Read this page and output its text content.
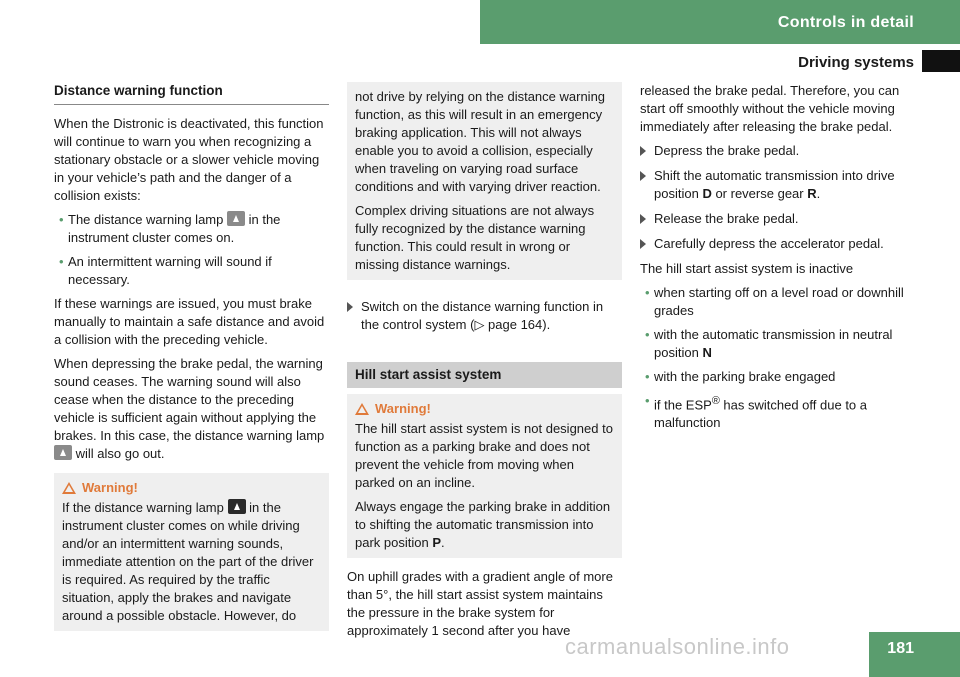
Controls in detail
Driving systems
Distance warning function

When the Distronic is deactivated, this function will continue to warn you when recognizing a stationary obstacle or a slower vehicle moving in your vehicle’s path and the danger of a collision exists:

• The distance warning lamp in the instrument cluster comes on.
• An intermittent warning will sound if necessary.

If these warnings are issued, you must brake manually to maintain a safe distance and avoid a collision with the preceding vehicle.

When depressing the brake pedal, the warning sound ceases. The warning sound will also cease when the distance to the preceding vehicle is sufficient again without applying the brakes. In this case, the distance warning lamp  will also go out.

Warning!
If the distance warning lamp in the instrument cluster comes on while driving and/or an intermittent warning sounds, immediate attention on the part of the driver is required. As required by the traffic situation, apply the brakes and navigate around a possible obstacle. However, do

not drive by relying on the distance warning function, as this will result in an emergency braking application. This will not always enable you to avoid a collision, especially when traveling on varying road surface conditions and with varying driver reaction.

Complex driving situations are not always fully recognized by the distance warning function. This could result in wrong or missing distance warnings.

Switch on the distance warning function in the control system (▷ page 164).
Hill start assist system
Warning!

The hill start assist system is not designed to function as a parking brake and does not prevent the vehicle from moving when parked on an incline.

Always engage the parking brake in addition to shifting the automatic transmission into park position P.

On uphill grades with a gradient angle of more than 5°, the hill start assist system maintains the pressure in the brake system for approximately 1 second after you have

released the brake pedal. Therefore, you can start off smoothly without the vehicle moving immediately after releasing the brake pedal.

Depress the brake pedal.
Shift the automatic transmission into drive position D or reverse gear R.
Release the brake pedal.
Carefully depress the accelerator pedal.

The hill start assist system is inactive

• when starting off on a level road or downhill grades
• with the automatic transmission in neutral position N
• with the parking brake engaged
• if the ESP® has switched off due to a malfunction
carmanualsonline.info	181
